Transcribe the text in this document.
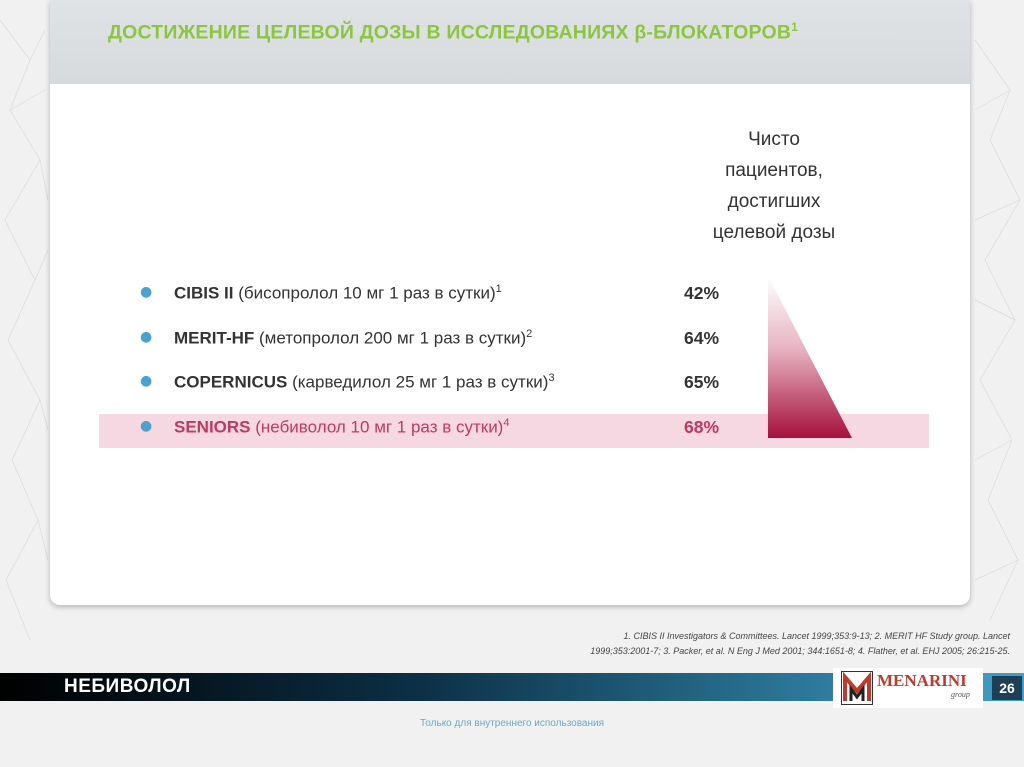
ДОСТИЖЕНИЕ ЦЕЛЕВОЙ ДОЗЫ В ИССЛЕДОВАНИЯХ β-БЛОКАТОРОВ$^1$
Чисто
пациентов,
достигших
целевой дозы
● CIBIS II (бисопролол 10 мг 1 раз в сутки)$^1$	42%
● MERIT-HF (метопролол 200 мг 1 раз в сутки)$^2$	64%
● COPERNICUS (карведилол 25 мг 1 раз в сутки)$^3$	65%
● SENIORS (небиволол 10 мг 1 раз в сутки)$^4$	68%
1. CIBIS II Investigators & Committees. Lancet 1999;353:9-13; 2. MERIT HF Study group. Lancet
1999;353:2001-7; 3. Packer, et al. N Eng J Med 2001; 344:1651-8; 4. Flather, et al. EHJ 2005; 26:215-25.
НЕБИВОЛОЛ	MENARINI
group	26
Только для внутреннего использования
